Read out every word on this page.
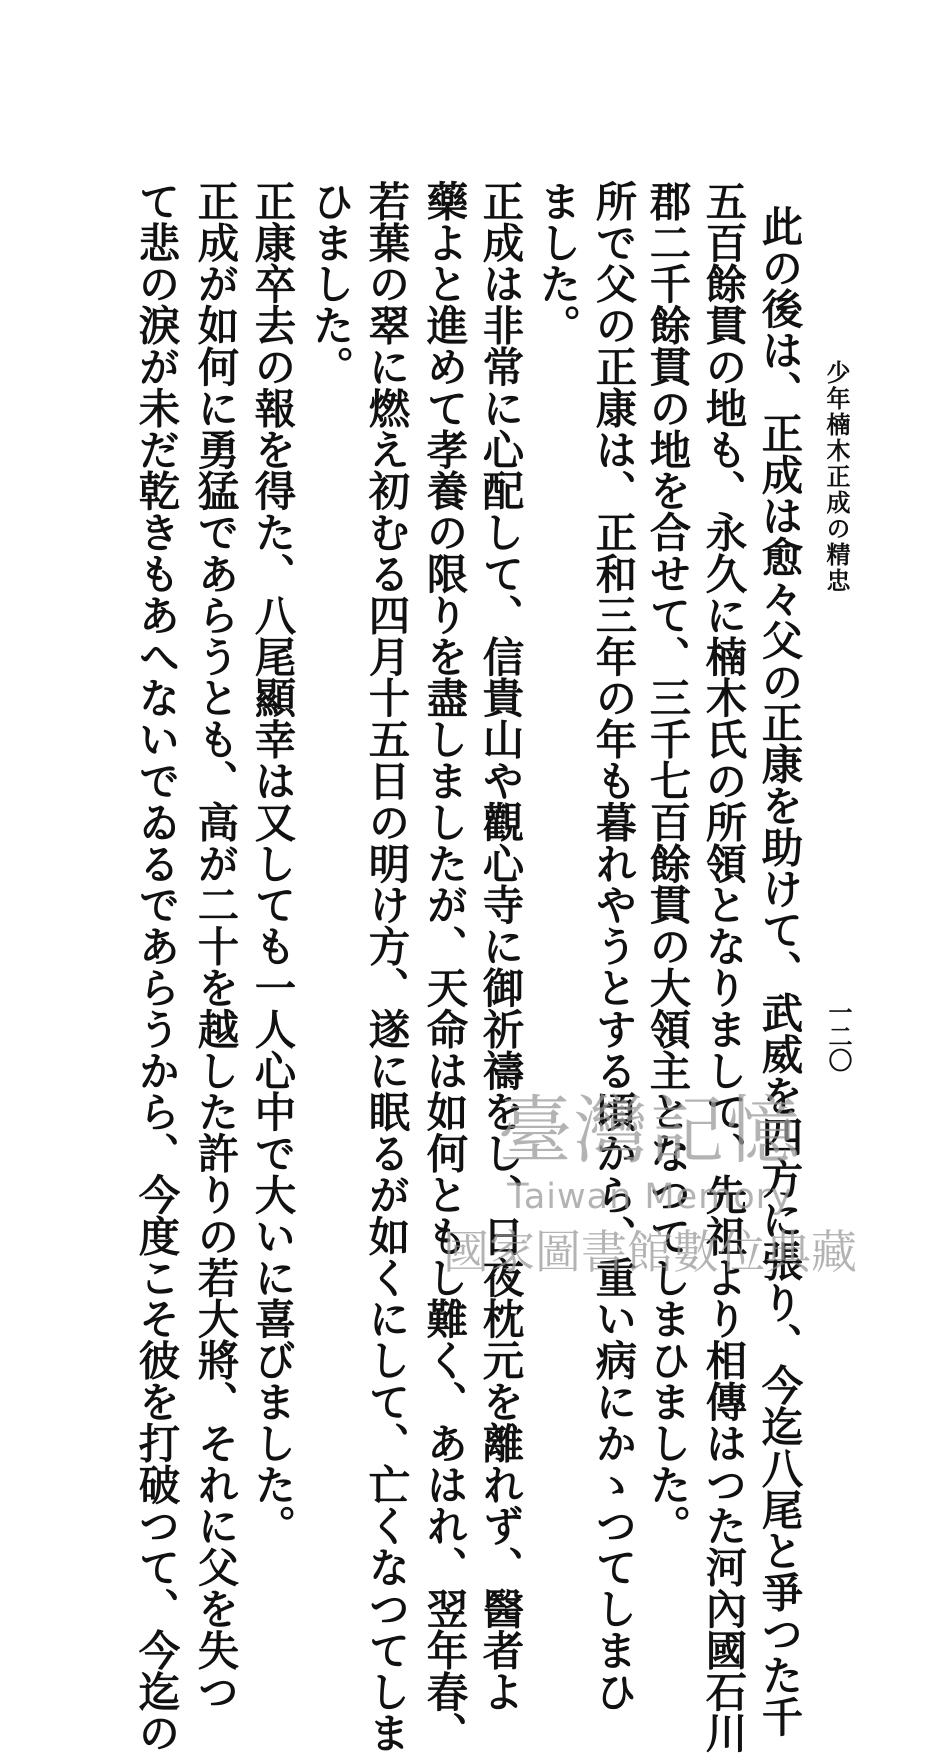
少年楠木正成の精忠
一二〇
此の後は、正成は愈々父の正康を助けて、武威を四方に張り、今迄八尾と爭つた千
五百餘貫の地も、永久に楠木氏の所領となりまして、先祖より相傳はつた河內國石川
郡二千餘貫の地を合せて、三千七百餘貫の大領主となつてしまひました。
所で父の正康は、正和三年の年も暮れやうとする頃から、重い病にかゝつてしまひ
ました。
正成は非常に心配して、信貴山や觀心寺に御祈禱をし、日夜枕元を離れず、醫者よ
藥よと進めて孝養の限りを盡しましたが、天命は如何ともし難く、あはれ、翌年春、
若葉の翠に燃え初むる四月十五日の明け方、遂に眠るが如くにして、亡くなつてしま
ひました。
正康卒去の報を得た、八尾顯幸は又しても一人心中で大いに喜びました。
正成が如何に勇猛であらうとも、高が二十を越した許りの若大將、それに父を失つ
て悲の淚が未だ乾きもあへないでゐるであらうから、今度こそ彼を打破つて、今迄の	臺灣記憶
Taiwan Memory
國家圖書館數位典藏
